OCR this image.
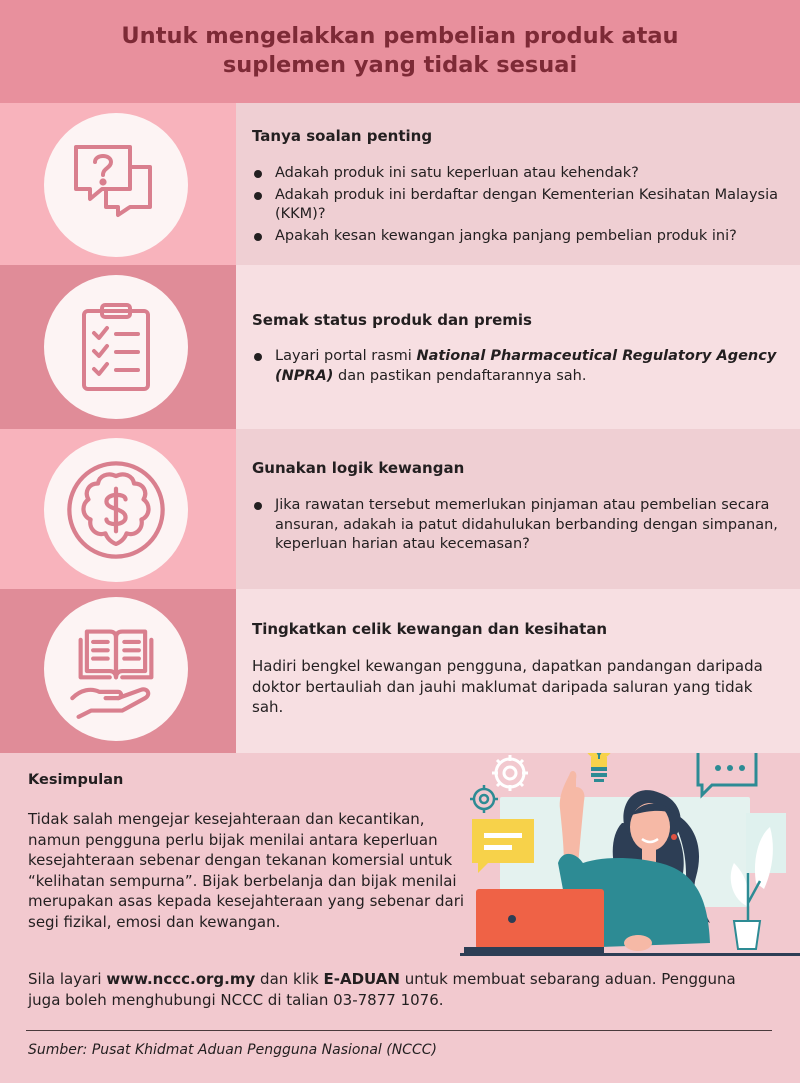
Untuk mengelakkan pembelian produk atau
suplemen yang tidak sesuai
Tanya soalan penting
Adakah produk ini satu keperluan atau kehendak?
Adakah produk ini berdaftar dengan Kementerian Kesihatan Malaysia (KKM)?
Apakah kesan kewangan jangka panjang pembelian produk ini?
Semak status produk dan premis
Layari portal rasmi National Pharmaceutical Regulatory Agency (NPRA) dan pastikan pendaftarannya sah.
Gunakan logik kewangan
Jika rawatan tersebut memerlukan pinjaman atau pembelian secara ansuran, adakah ia patut didahulukan berbanding dengan simpanan, keperluan harian atau kecemasan?
Tingkatkan celik kewangan dan kesihatan

Hadiri bengkel kewangan pengguna, dapatkan pandangan daripada doktor bertauliah dan jauhi maklumat daripada saluran yang tidak sah.

Kesimpulan

Tidak salah mengejar kesejahteraan dan kecantikan, namun pengguna perlu bijak menilai antara keperluan kesejahteraan sebenar dengan tekanan komersial untuk “kelihatan sempurna”. Bijak berbelanja dan bijak menilai merupakan asas kepada kesejahteraan yang sebenar dari segi fizikal, emosi dan kewangan.

Sila layari www.nccc.org.my dan klik E-ADUAN untuk membuat sebarang aduan. Pengguna juga boleh menghubungi NCCC di talian 03-7877 1076.

Sumber: Pusat Khidmat Aduan Pengguna Nasional (NCCC)
